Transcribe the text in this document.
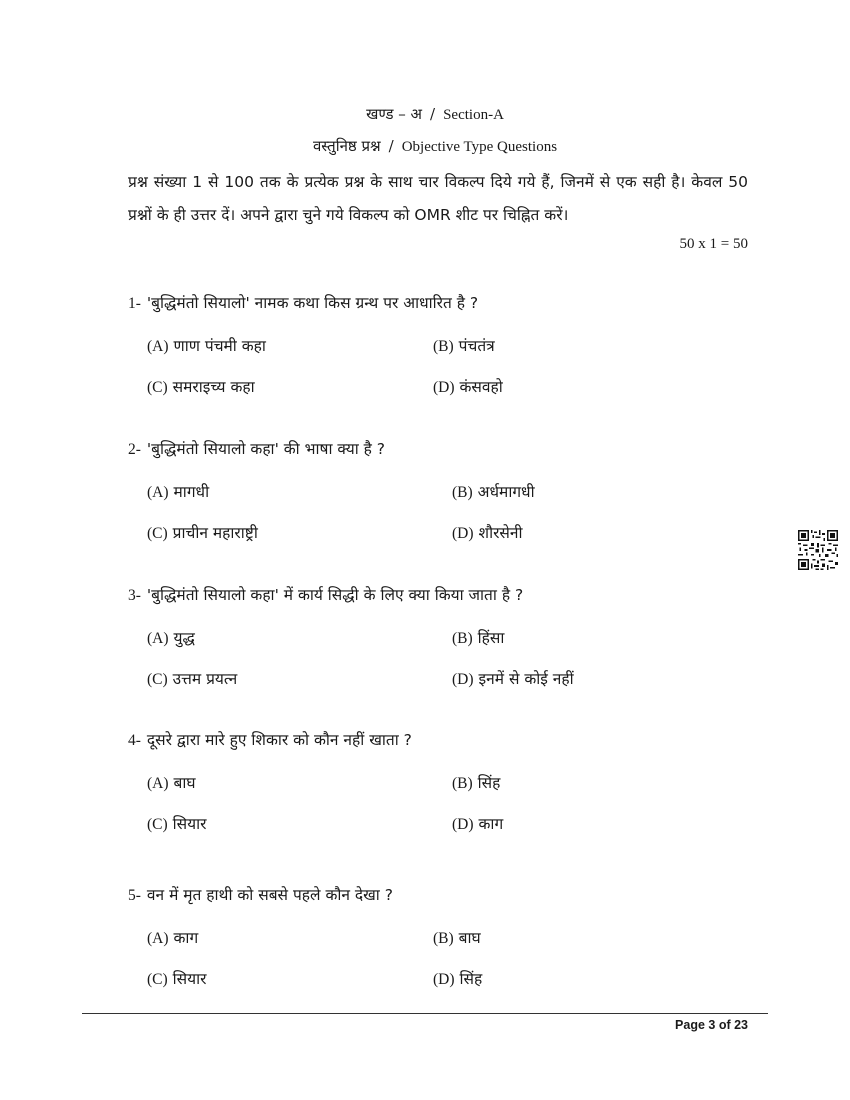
खण्ड – अ / Section-A
वस्तुनिष्ठ प्रश्न / Objective Type Questions
प्रश्न संख्या 1 से 100 तक के प्रत्येक प्रश्न के साथ चार विकल्प दिये गये हैं, जिनमें से एक सही है। केवल 50 प्रश्नों के ही उत्तर दें। अपने द्वारा चुने गये विकल्प को OMR शीट पर चिह्नित करें।
50 x 1 = 50
1- 'बुद्धिमंतो सियालो' नामक कथा किस ग्रन्थ पर आधारित है ?
(A) णाण पंचमी कहा	(B) पंचतंत्र
(C) समराइच्य कहा	(D) कंसवहो
2- 'बुद्धिमंतो सियालो कहा' की भाषा क्या है ?
(A) मागधी	(B) अर्धमागधी
(C) प्राचीन महाराष्ट्री	(D) शौरसेनी
3- 'बुद्धिमंतो सियालो कहा' में कार्य सिद्धी के लिए क्या किया जाता है ?
(A) युद्ध	(B) हिंसा
(C) उत्तम प्रयत्न	(D) इनमें से कोई नहीं
4- दूसरे द्वारा मारे हुए शिकार को कौन नहीं खाता ?
(A) बाघ	(B) सिंह
(C) सियार	(D) काग
5- वन में मृत हाथी को सबसे पहले कौन देखा ?
(A) काग	(B) बाघ
(C) सियार	(D) सिंह
Page 3 of 23
